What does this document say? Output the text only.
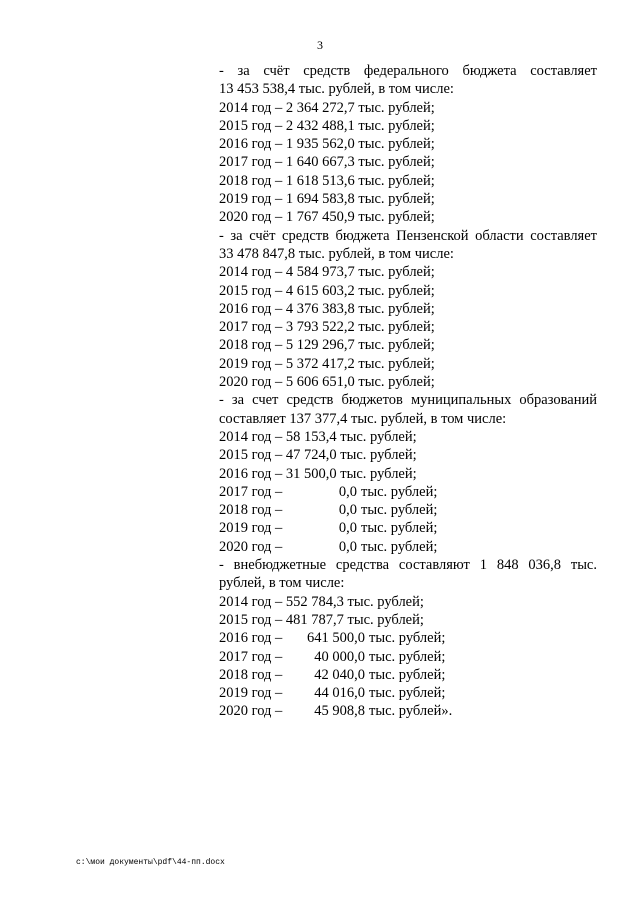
3
- за счёт средств федерального бюджета составляет
13 453 538,4 тыс. рублей, в том числе:
2014 год – 2 364 272,7 тыс. рублей;
2015 год – 2 432 488,1 тыс. рублей;
2016 год – 1 935 562,0 тыс. рублей;
2017 год – 1 640 667,3 тыс. рублей;
2018 год – 1 618 513,6 тыс. рублей;
2019 год – 1 694 583,8 тыс. рублей;
2020 год – 1 767 450,9 тыс. рублей;
- за счёт средств бюджета Пензенской области составляет
33 478 847,8 тыс. рублей, в том числе:
2014 год – 4 584 973,7 тыс. рублей;
2015 год – 4 615 603,2 тыс. рублей;
2016 год – 4 376 383,8 тыс. рублей;
2017 год – 3 793 522,2 тыс. рублей;
2018 год – 5 129 296,7 тыс. рублей;
2019 год – 5 372 417,2 тыс. рублей;
2020 год – 5 606 651,0 тыс. рублей;
- за счет средств бюджетов муниципальных образований
составляет 137 377,4 тыс. рублей, в том числе:
2014 год – 58 153,4 тыс. рублей;
2015 год – 47 724,0 тыс. рублей;
2016 год – 31 500,0 тыс. рублей;
2017 год –	0,0 тыс. рублей;
2018 год –	0,0 тыс. рублей;
2019 год –	0,0 тыс. рублей;
2020 год –	0,0 тыс. рублей;
- внебюджетные средства составляют 1 848 036,8 тыс.
рублей, в том числе:
2014 год – 552 784,3 тыс. рублей;
2015 год – 481 787,7 тыс. рублей;
2016 год –	641 500,0 тыс. рублей;
2017 год –	40 000,0 тыс. рублей;
2018 год –	42 040,0 тыс. рублей;
2019 год –	44 016,0 тыс. рублей;
2020 год –	45 908,8 тыс. рублей».
c:\мои документы\pdf\44-пп.docx
